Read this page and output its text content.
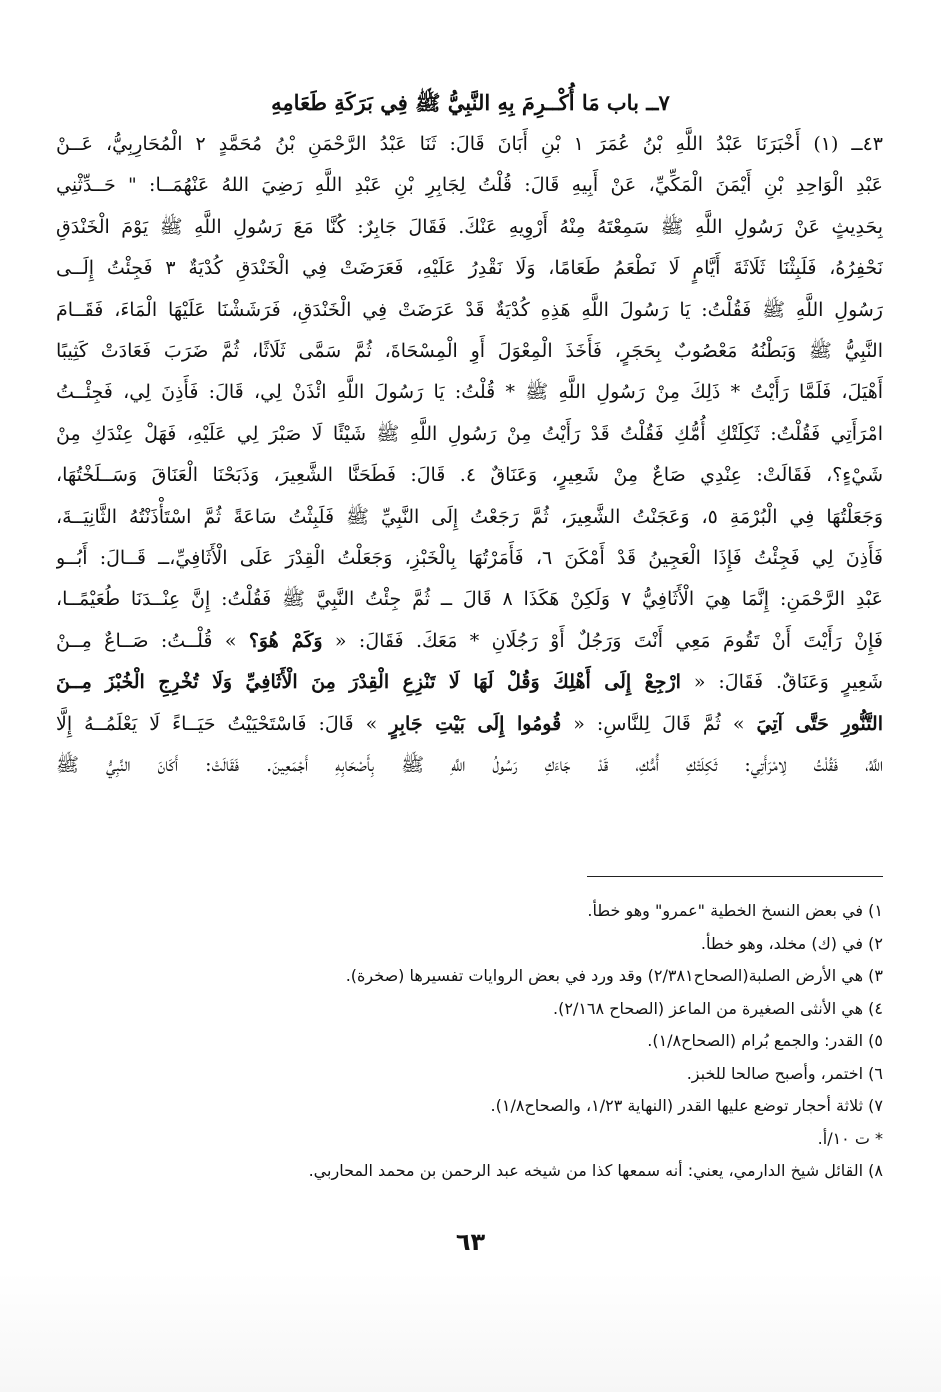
٧ــ باب مَا أُكْــرِمَ بِهِ النَّبِيُّ ﷺ فِي بَرَكَةِ طَعَامِهِ
٤٣ــ (١) أَخْبَرَنَا عَبْدُ اللَّهِ بْنُ عُمَرَ ١ بْنِ أَبَانَ قَالَ: ثَنَا عَبْدُ الرَّحْمَنِ بْنُ مُحَمَّدٍ ٢ الْمُحَارِبِيُّ، عَــنْ
عَبْدِ الْوَاحِدِ بْنِ أَيْمَنَ الْمَكِّيِّ، عَنْ أَبِيهِ قَالَ: قُلْتُ لِجَابِرِ بْنِ عَبْدِ اللَّهِ رَضِيَ اللهُ عَنْهُمَــا: " حَــدِّثْنِي
بِحَدِيثٍ عَنْ رَسُولِ اللَّهِ ﷺ سَمِعْتَهُ مِنْهُ أَرْوِيهِ عَنْكَ. فَقَالَ جَابِرٌ: كُنَّا مَعَ رَسُولِ اللَّهِ ﷺ يَوْمَ الْخَنْدَقِ
نَحْفِرُهُ، فَلَبِثْنَا ثَلَاثَةَ أَيَّامٍ لَا نَطْعَمُ طَعَامًا، وَلَا نَقْدِرُ عَلَيْهِ، فَعَرَضَتْ فِي الْخَنْدَقِ كُدْيَةٌ ٣ فَجِئْتُ إِلَــى
رَسُولِ اللَّهِ ﷺ فَقُلْتُ: يَا رَسُولَ اللَّهِ هَذِهِ كُدْيَةٌ قَدْ عَرَضَتْ فِي الْخَنْدَقِ، فَرَشَشْنَا عَلَيْهَا الْمَاءَ، فَقَــامَ
النَّبِيُّ ﷺ وَبَطْنُهُ مَعْصُوبٌ بِحَجَرٍ، فَأَخَذَ الْمِعْوَلَ أَوِ الْمِسْحَاةَ، ثُمَّ سَمَّى ثَلَاثًا، ثُمَّ ضَرَبَ فَعَادَتْ كَثِيبًا
أَهْيَلَ، فَلَمَّا رَأَيْتُ * ذَلِكَ مِنْ رَسُولِ اللَّهِ ﷺ * قُلْتُ: يَا رَسُولَ اللَّهِ ائْذَنْ لِي، قَالَ: فَأَذِنَ لِي، فَجِئْــتُ
امْرَأَتِي فَقُلْتُ: ثَكِلَتْكِ أُمُّكِ فَقُلْتُ قَدْ رَأَيْتُ مِنْ رَسُولِ اللَّهِ ﷺ شَيْئًا لَا صَبْرَ لِي عَلَيْهِ، فَهَلْ عِنْدَكِ مِنْ
شَيْءٍ؟، فَقَالَتْ: عِنْدِي صَاعٌ مِنْ شَعِيرٍ، وَعَنَاقٌ ٤. قَالَ: فَطَحَنَّا الشَّعِيرَ، وَذَبَحْنَا الْعَنَاقَ وَسَــلَخْتُهَا،
وَجَعَلْتُهَا فِي الْبُرْمَةِ ٥، وَعَجَنْتُ الشَّعِيرَ، ثُمَّ رَجَعْتُ إِلَى النَّبِيِّ ﷺ فَلَبِثْتُ سَاعَةً ثُمَّ اسْتَأْذَنْتُهُ الثَّانِيَــةَ،
فَأَذِنَ لِي فَجِئْتُ فَإِذَا الْعَجِينُ قَدْ أَمْكَنَ ٦، فَأَمَرْتُهَا بِالْخَبْزِ، وَجَعَلْتُ الْقِدْرَ عَلَى الْأَثَافِيِّ،ــ قَــالَ: أَبُــو
عَبْدِ الرَّحْمَنِ: إِنَّمَا هِيَ الْأَثَافِيُّ ٧ وَلَكِنْ هَكَذَا ٨ قَالَ ــ ثُمَّ جِئْتُ النَّبِيَّ ﷺ فَقُلْتُ: إِنَّ عِنْــدَنَا طُعَيْمًــا،
فَإِنْ رَأَيْتَ أَنْ تَقُومَ مَعِي أَنْتَ وَرَجُلٌ أَوْ رَجُلَانِ * مَعَكَ. فَقَالَ: « وَكَمْ هُوَ؟ » قُلْــتُ: صَــاعٌ مِــنْ
شَعِيرٍ وَعَنَاقٌ. فَقَالَ: « ارْجِعْ إِلَى أَهْلِكَ وَقُلْ لَهَا لَا تَنْزِعِ الْقِدْرَ مِنَ الْأَثَافِيِّ وَلَا تُخْرِجِ الْخُبْزَ مِــنَ
التَّنُّورِ حَتَّى آتِيَ » ثُمَّ قَالَ لِلنَّاسِ: « قُومُوا إِلَى بَيْتِ جَابِرٍ » قَالَ: فَاسْتَحْيَيْتُ حَيَــاءً لَا يَعْلَمُــهُ إِلَّا
اللَّهُ، فَقُلْتُ لِامْرَأَتِي: ثَكِلَتْكِ أُمُّكِ، قَدْ جَاءَكِ رَسُولُ اللَّهِ ﷺ بِأَصْحَابِهِ أَجْمَعِينَ. فَقَالَتْ: أَكَانَ النَّبِيُّ ﷺ
١) في بعض النسخ الخطية "عمرو" وهو خطأ.
٢) في (ك) مخلد، وهو خطأ.
٣) هي الأرض الصلبة(الصحاح٢/٣٨١) وقد ورد في بعض الروايات تفسيرها (صخرة).
٤) هي الأنثى الصغيرة من الماعز (الصحاح ٢/١٦٨).
٥) القدر: والجمع بُرام (الصحاح١/٨).
٦) اختمر، وأصبح صالحا للخبز.
٧) ثلاثة أحجار توضع عليها القدر (النهاية ١/٢٣، والصحاح١/٨).
* ت ١٠/أ.
٨) القائل شيخ الدارمي، يعني: أنه سمعها كذا من شيخه عبد الرحمن بن محمد المحاربي.
٦٣
